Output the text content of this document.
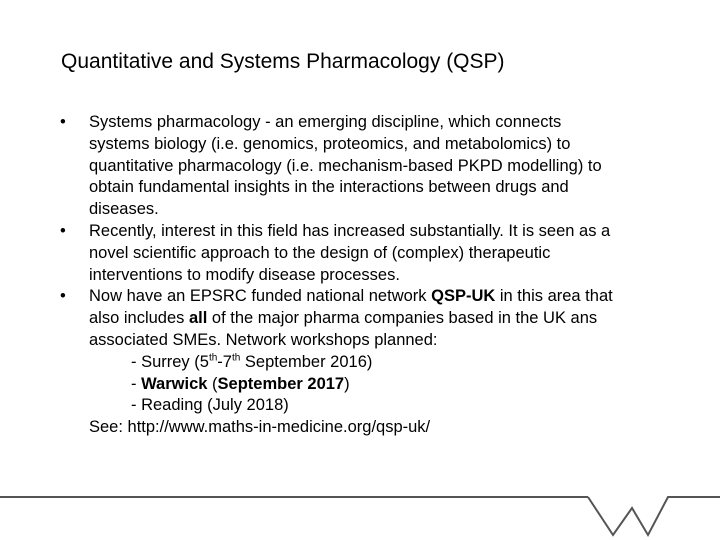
Quantitative and Systems Pharmacology (QSP)
• Systems pharmacology - an emerging discipline, which connects
systems biology (i.e. genomics, proteomics, and metabolomics) to
quantitative pharmacology (i.e. mechanism-based PKPD modelling) to
obtain fundamental insights in the interactions between drugs and
diseases.
• Recently, interest in this field has increased substantially. It is seen as a
novel scientific approach to the design of (complex) therapeutic
interventions to modify disease processes.
• Now have an EPSRC funded national network QSP-UK in this area that
also includes all of the major pharma companies based in the UK ans
associated SMEs. Network workshops planned:
- Surrey (5th-7th September 2016)
- Warwick (September 2017)
- Reading (July 2018)
See: http://www.maths-in-medicine.org/qsp-uk/
